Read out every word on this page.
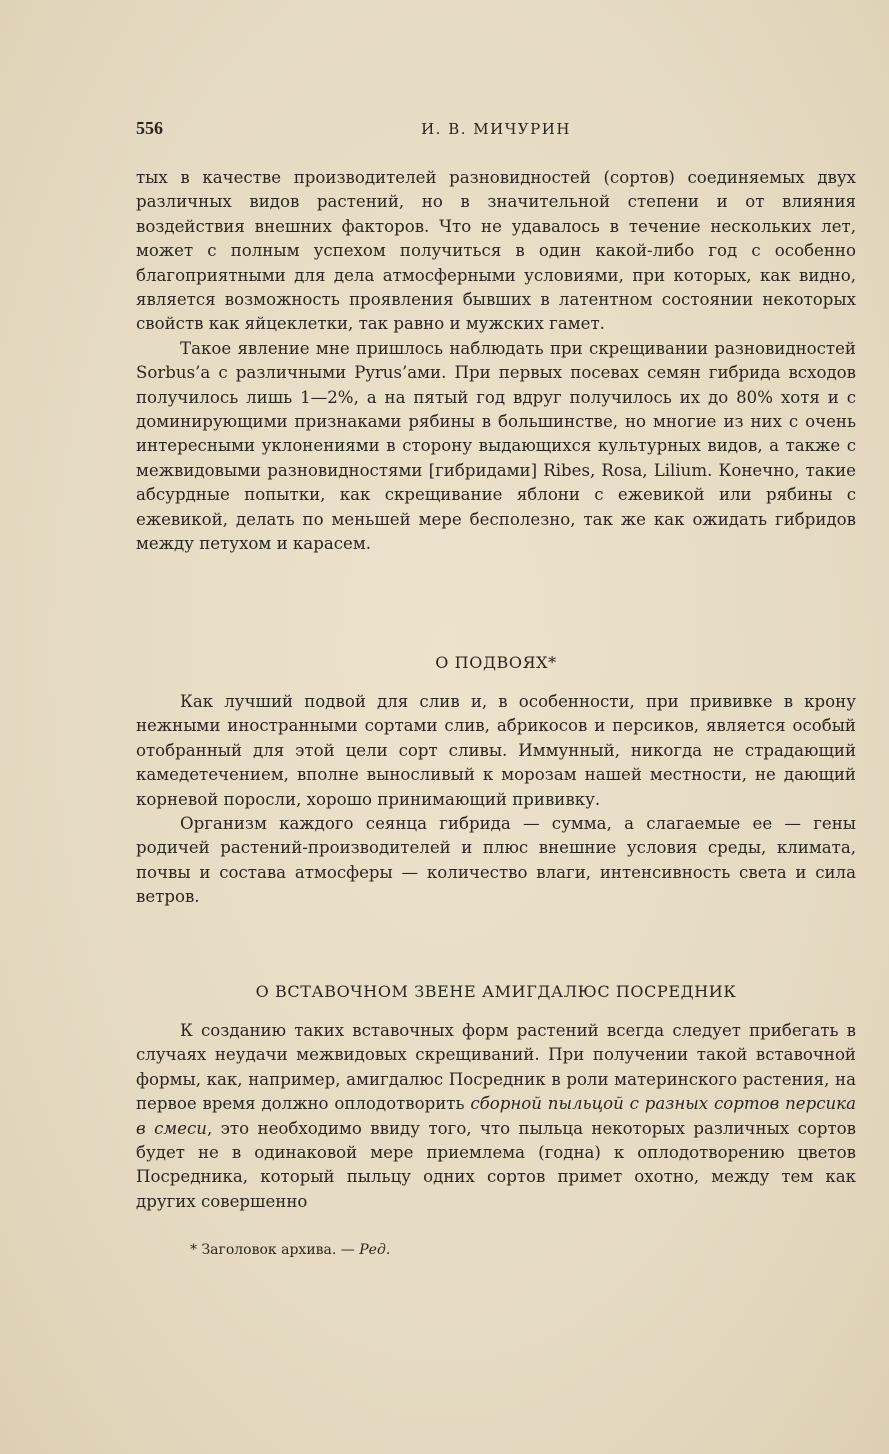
556	И. В. МИЧУРИН

тых в качестве производителей разновидностей (сортов) соединяемых двух различных видов растений, но в значительной степени и от влияния воздействия внешних факторов. Что не удавалось в течение нескольких лет, может с полным успехом получиться в один какой-либо год с особенно благоприятными для дела атмосферными условиями, при которых, как видно, является возможность проявления бывших в латентном состоянии некоторых свойств как яйцеклетки, так равно и мужских гамет.

Такое явление мне пришлось наблюдать при скрещивании разновидностей Sorbus’а с различными Pyrus’ами. При первых посевах семян гибрида всходов получилось лишь 1—2%, а на пятый год вдруг получилось их до 80% хотя и с доминирующими признаками рябины в большинстве, но многие из них с очень интересными уклонениями в сторону выдающихся культурных видов, а также с межвидовыми разновидностями [гибридами] Ribes, Rosa, Lilium. Конечно, такие абсурдные попытки, как скрещивание яблони с ежевикой или рябины с ежевикой, делать по меньшей мере бесполезно, так же как ожидать гибридов между петухом и карасем.

О ПОДВОЯХ*

Как лучший подвой для слив и, в особенности, при прививке в крону нежными иностранными сортами слив, абрикосов и персиков, является особый отобранный для этой цели сорт сливы. Иммунный, никогда не страдающий камедетечением, вполне выносливый к морозам нашей местности, не дающий корневой поросли, хорошо принимающий прививку.

Организм каждого сеянца гибрида — сумма, а слагаемые ее — гены родичей растений-производителей и плюс внешние условия среды, климата, почвы и состава атмосферы — количество влаги, интенсивность света и сила ветров.

О ВСТАВОЧНОМ ЗВЕНЕ АМИГДАЛЮС ПОСРЕДНИК

К созданию таких вставочных форм растений всегда следует прибегать в случаях неудачи межвидовых скрещиваний. При получении такой вставочной формы, как, например, амигдалюс Посредник в роли материнского растения, на первое время должно оплодотворить сборной пыльцой с разных сортов персика в смеси, это необходимо ввиду того, что пыльца некоторых различных сортов будет не в одинаковой мере приемлема (годна) к оплодотворению цветов Посредника, который пыльцу одних сортов примет охотно, между тем как других совершенно

* Заголовок архива. — Ред.
